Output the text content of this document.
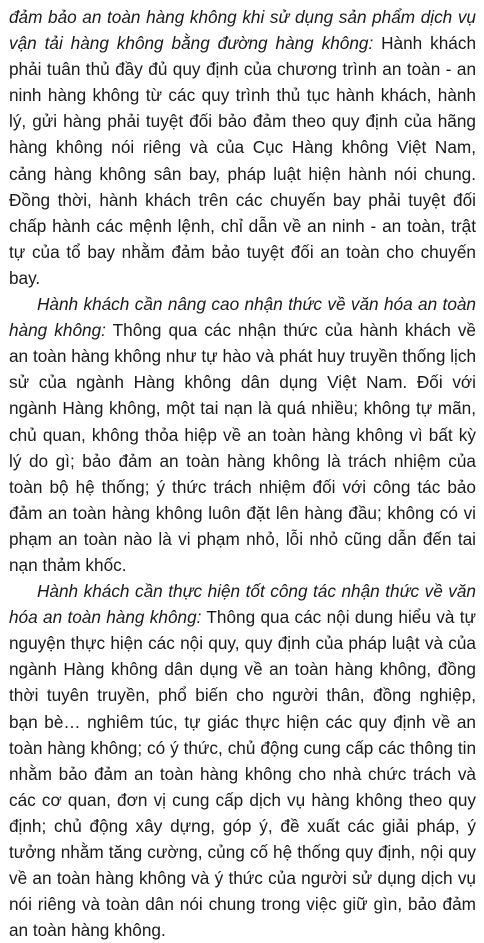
đảm bảo an toàn hàng không khi sử dụng sản phẩm dịch vụ vận tải hàng không bằng đường hàng không: Hành khách phải tuân thủ đầy đủ quy định của chương trình an toàn - an ninh hàng không từ các quy trình thủ tục hành khách, hành lý, gửi hàng phải tuyệt đối bảo đảm theo quy định của hãng hàng không nói riêng và của Cục Hàng không Việt Nam, cảng hàng không sân bay, pháp luật hiện hành nói chung. Đồng thời, hành khách trên các chuyến bay phải tuyệt đối chấp hành các mệnh lệnh, chỉ dẫn về an ninh - an toàn, trật tự của tổ bay nhằm đảm bảo tuyệt đối an toàn cho chuyến bay.

Hành khách cần nâng cao nhận thức về văn hóa an toàn hàng không: Thông qua các nhận thức của hành khách về an toàn hàng không như tự hào và phát huy truyền thống lịch sử của ngành Hàng không dân dụng Việt Nam. Đối với ngành Hàng không, một tai nạn là quá nhiều; không tự mãn, chủ quan, không thỏa hiệp về an toàn hàng không vì bất kỳ lý do gì; bảo đảm an toàn hàng không là trách nhiệm của toàn bộ hệ thống; ý thức trách nhiệm đối với công tác bảo đảm an toàn hàng không luôn đặt lên hàng đầu; không có vi phạm an toàn nào là vi phạm nhỏ, lỗi nhỏ cũng dẫn đến tai nạn thảm khốc.

Hành khách cần thực hiện tốt công tác nhận thức về văn hóa an toàn hàng không: Thông qua các nội dung hiểu và tự nguyện thực hiện các nội quy, quy định của pháp luật và của ngành Hàng không dân dụng về an toàn hàng không, đồng thời tuyên truyền, phổ biến cho người thân, đồng nghiệp, bạn bè… nghiêm túc, tự giác thực hiện các quy định về an toàn hàng không; có ý thức, chủ động cung cấp các thông tin nhằm bảo đảm an toàn hàng không cho nhà chức trách và các cơ quan, đơn vị cung cấp dịch vụ hàng không theo quy định; chủ động xây dựng, góp ý, đề xuất các giải pháp, ý tưởng nhằm tăng cường, củng cố hệ thống quy định, nội quy về an toàn hàng không và ý thức của người sử dụng dịch vụ nói riêng và toàn dân nói chung trong việc giữ gìn, bảo đảm an toàn hàng không.
